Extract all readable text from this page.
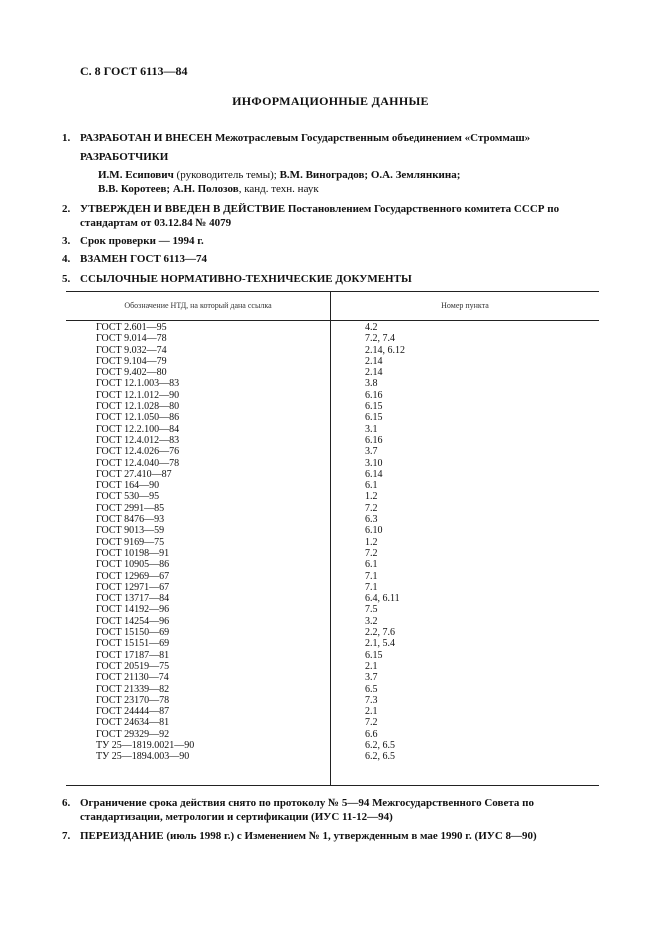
С. 8 ГОСТ 6113—84
ИНФОРМАЦИОННЫЕ ДАННЫЕ
1. РАЗРАБОТАН И ВНЕСЕН Межотраслевым Государственным объединением «Строммаш»
РАЗРАБОТЧИКИ
И.М. Есипович (руководитель темы); В.М. Виноградов; О.А. Землянкина;
В.В. Коротеев; А.Н. Полозов, канд. техн. наук
2. УТВЕРЖДЕН И ВВЕДЕН В ДЕЙСТВИЕ Постановлением Государственного комитета СССР по стандартам от 03.12.84 № 4079
3. Срок проверки — 1994 г.
4. ВЗАМЕН ГОСТ 6113—74
5. ССЫЛОЧНЫЕ НОРМАТИВНО-ТЕХНИЧЕСКИЕ ДОКУМЕНТЫ
Обозначение НТД, на который дана ссылка	Номер пункта
ГОСТ 2.601—95	4.2
ГОСТ 9.014—78	7.2, 7.4
ГОСТ 9.032—74	2.14, 6.12
ГОСТ 9.104—79	2.14
ГОСТ 9.402—80	2.14
ГОСТ 12.1.003—83	3.8
ГОСТ 12.1.012—90	6.16
ГОСТ 12.1.028—80	6.15
ГОСТ 12.1.050—86	6.15
ГОСТ 12.2.100—84	3.1
ГОСТ 12.4.012—83	6.16
ГОСТ 12.4.026—76	3.7
ГОСТ 12.4.040—78	3.10
ГОСТ 27.410—87	6.14
ГОСТ 164—90	6.1
ГОСТ 530—95	1.2
ГОСТ 2991—85	7.2
ГОСТ 8476—93	6.3
ГОСТ 9013—59	6.10
ГОСТ 9169—75	1.2
ГОСТ 10198—91	7.2
ГОСТ 10905—86	6.1
ГОСТ 12969—67	7.1
ГОСТ 12971—67	7.1
ГОСТ 13717—84	6.4, 6.11
ГОСТ 14192—96	7.5
ГОСТ 14254—96	3.2
ГОСТ 15150—69	2.2, 7.6
ГОСТ 15151—69	2.1, 5.4
ГОСТ 17187—81	6.15
ГОСТ 20519—75	2.1
ГОСТ 21130—74	3.7
ГОСТ 21339—82	6.5
ГОСТ 23170—78	7.3
ГОСТ 24444—87	2.1
ГОСТ 24634—81	7.2
ГОСТ 29329—92	6.6
ТУ 25—1819.0021—90	6.2, 6.5
ТУ 25—1894.003—90	6.2, 6.5
6. Ограничение срока действия снято по протоколу № 5—94 Межгосударственного Совета по стандартизации, метрологии и сертификации (ИУС 11-12—94)
7. ПЕРЕИЗДАНИЕ (июль 1998 г.) с Изменением № 1, утвержденным в мае 1990 г. (ИУС 8—90)
